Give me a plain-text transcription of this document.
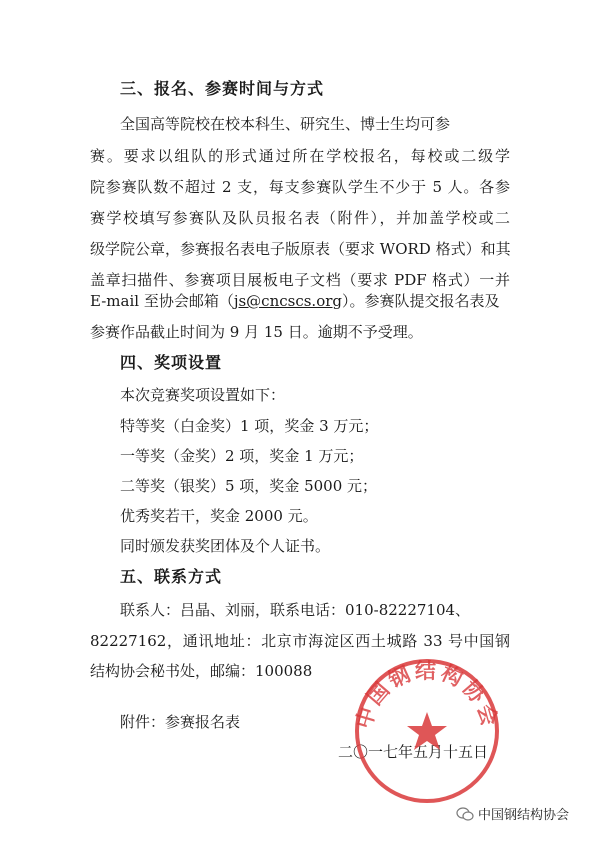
三、报名、参赛时间与方式
全国高等院校在校本科生、研究生、博士生均可参
赛。要求以组队的形式通过所在学校报名，每校或二级学
院参赛队数不超过 2 支，每支参赛队学生不少于 5 人。各参
赛学校填写参赛队及队员报名表（附件），并加盖学校或二
级学院公章，参赛报名表电子版原表（要求 WORD 格式）和其
盖章扫描件、参赛项目展板电子文档（要求 PDF 格式）一并
E-mail 至协会邮箱（js@cncscs.org）。参赛队提交报名表及
参赛作品截止时间为 9 月 15 日。逾期不予受理。
四、奖项设置
本次竞赛奖项设置如下：
特等奖（白金奖）1 项，奖金 3 万元；
一等奖（金奖）2 项，奖金 1 万元；
二等奖（银奖）5 项，奖金 5000 元；
优秀奖若干，奖金 2000 元。
同时颁发获奖团体及个人证书。
五、联系方式
联系人：吕晶、刘丽，联系电话：010-82227104、
82227162，通讯地址：北京市海淀区西土城路 33 号中国钢
结构协会秘书处，邮编：100088
附件：参赛报名表
二〇一七年五月十五日
中国钢结构协会
中国钢结构协会
